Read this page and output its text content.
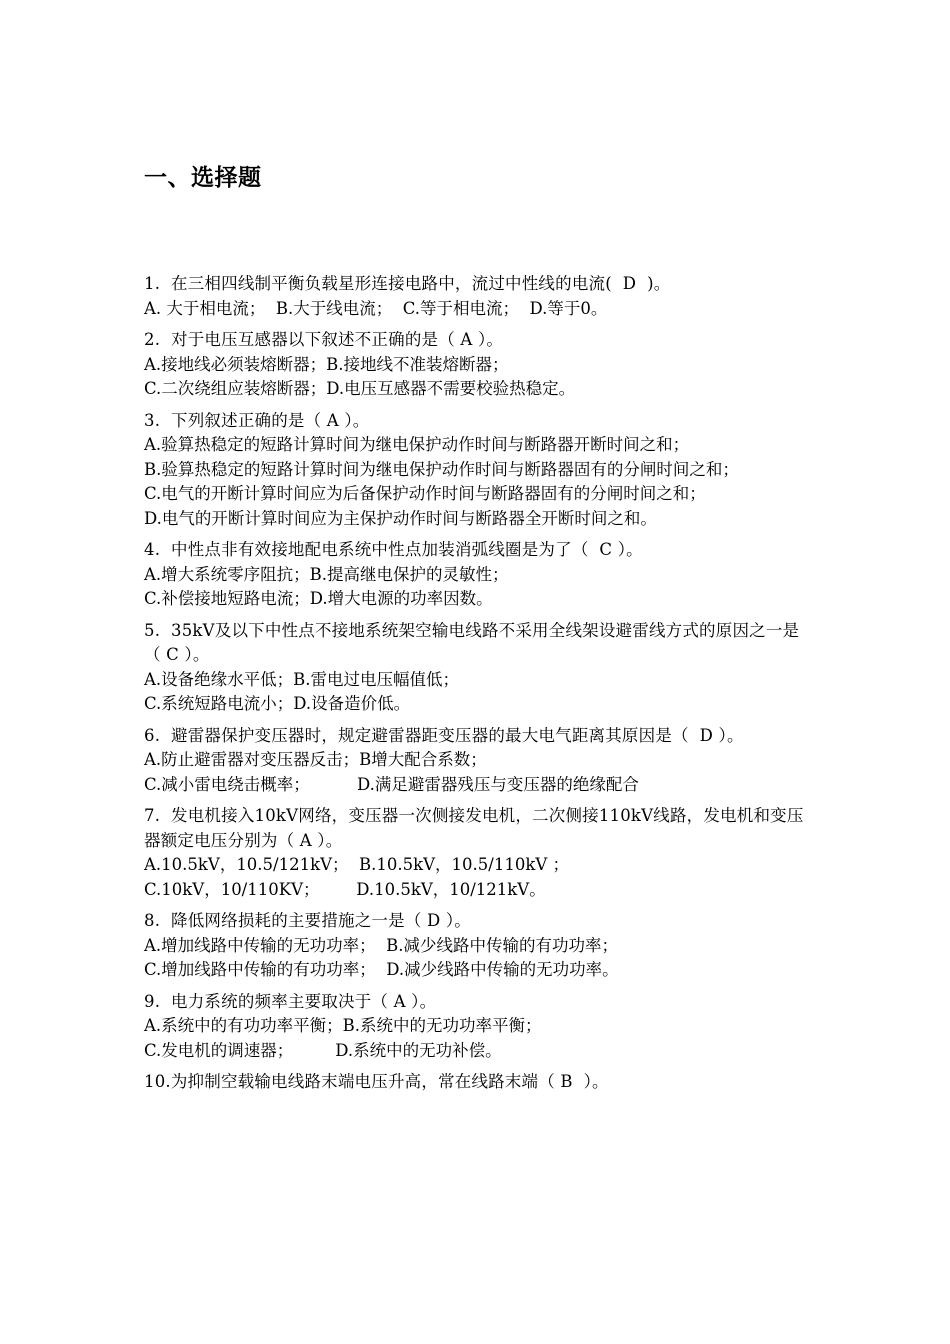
一、选择题

1.  在三相四线制平衡负载星形连接电路中，流过中性线的电流(  D  )。

A. 大于相电流；  B.大于线电流；  C.等于相电流；  D.等于0。

2.  对于电压互感器以下叙述不正确的是（ A ）。

A.接地线必须装熔断器；B.接地线不准装熔断器；

C.二次绕组应装熔断器；D.电压互感器不需要校验热稳定。

3.  下列叙述正确的是（ A ）。

A.验算热稳定的短路计算时间为继电保护动作时间与断路器开断时间之和；

B.验算热稳定的短路计算时间为继电保护动作时间与断路器固有的分闸时间之和；

C.电气的开断计算时间应为后备保护动作时间与断路器固有的分闸时间之和；

D.电气的开断计算时间应为主保护动作时间与断路器全开断时间之和。

4.  中性点非有效接地配电系统中性点加装消弧线圈是为了（  C ）。

A.增大系统零序阻抗；B.提高继电保护的灵敏性；

C.补偿接地短路电流；D.增大电源的功率因数。

5.  35kV及以下中性点不接地系统架空输电线路不采用全线架设避雷线方式的原因之一是（ C ）。

A.设备绝缘水平低；B.雷电过电压幅值低；

C.系统短路电流小；D.设备造价低。

6.  避雷器保护变压器时，规定避雷器距变压器的最大电气距离其原因是（  D ）。

A.防止避雷器对变压器反击；B增大配合系数；

C.减小雷电绕击概率；         D.满足避雷器残压与变压器的绝缘配合

7.  发电机接入10kV网络，变压器一次侧接发电机，二次侧接110kV线路，发电机和变压器额定电压分别为（ A ）。

A.10.5kV，10.5/121kV；  B.10.5kV，10.5/110kV ；

C.10kV，10/110KV；       D.10.5kV，10/121kV。

8.  降低网络损耗的主要措施之一是（ D ）。

A.增加线路中传输的无功功率；  B.减少线路中传输的有功功率；

C.增加线路中传输的有功功率；  D.减少线路中传输的无功功率。

9.  电力系统的频率主要取决于（ A ）。

A.系统中的有功功率平衡；B.系统中的无功功率平衡；

C.发电机的调速器；        D.系统中的无功补偿。

10.为抑制空载输电线路末端电压升高，常在线路末端（ B  ）。
